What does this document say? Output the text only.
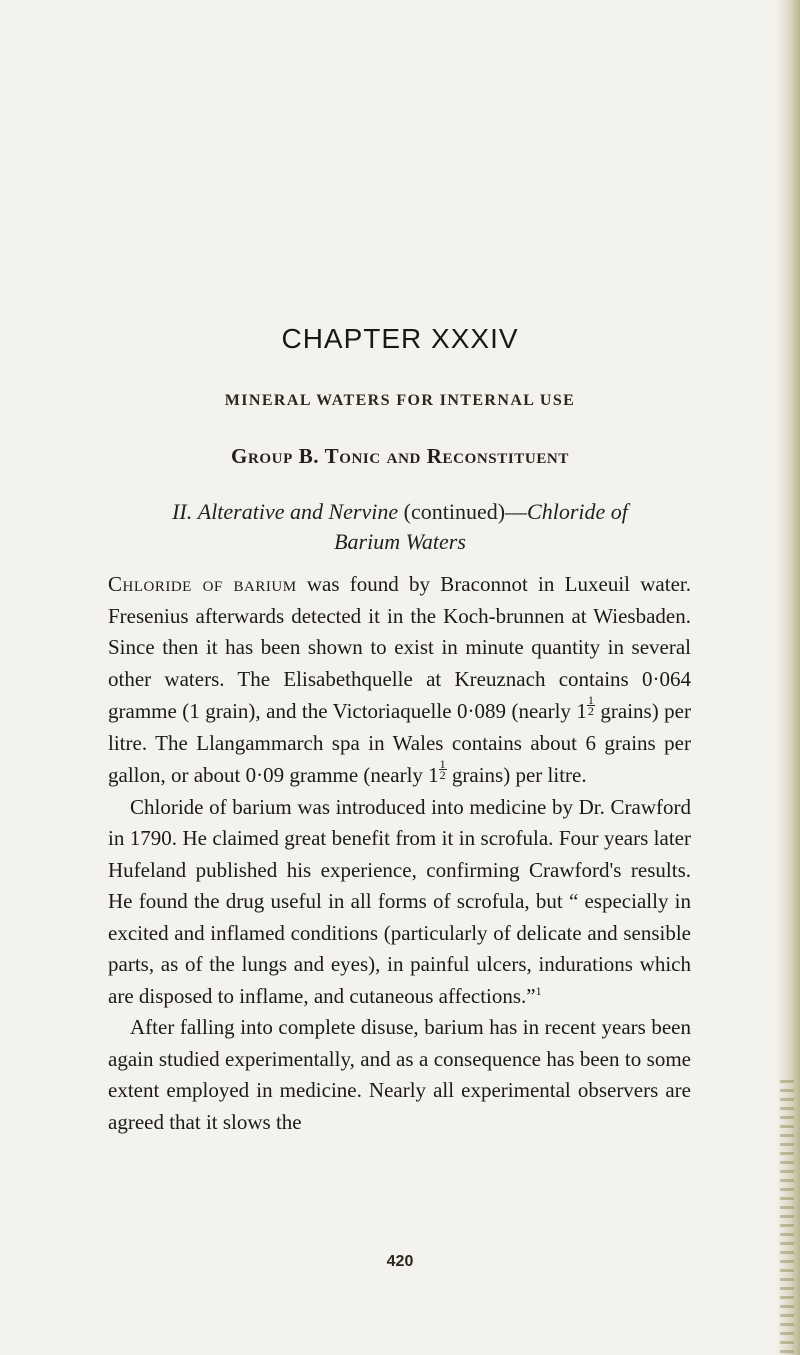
CHAPTER XXXIV
MINERAL WATERS FOR INTERNAL USE
Group B. Tonic and Reconstituent
II. Alterative and Nervine (continued)—Chloride of Barium Waters

Chloride of barium was found by Braconnot in Luxeuil water. Fresenius afterwards detected it in the Koch-brunnen at Wiesbaden. Since then it has been shown to exist in minute quantity in several other waters. The Elisabethquelle at Kreuznach contains 0·064 gramme (1 grain), and the Victoriaquelle 0·089 (nearly $1 \frac{1}{2}$ grains) per litre. The Llangammarch spa in Wales contains about 6 grains per gallon, or about 0·09 gramme (nearly $1 \frac{1}{2}$ grains) per litre.

Chloride of barium was introduced into medicine by Dr. Crawford in 1790. He claimed great benefit from it in scrofula. Four years later Hufeland published his experience, confirming Crawford's results. He found the drug useful in all forms of scrofula, but “ especially in excited and inflamed conditions (particularly of delicate and sensible parts, as of the lungs and eyes), in painful ulcers, indurations which are disposed to inflame, and cutaneous affections.”$^1$

After falling into complete disuse, barium has in recent years been again studied experimentally, and as a consequence has been to some extent employed in medicine. Nearly all experimental observers are agreed that it slows the

420
